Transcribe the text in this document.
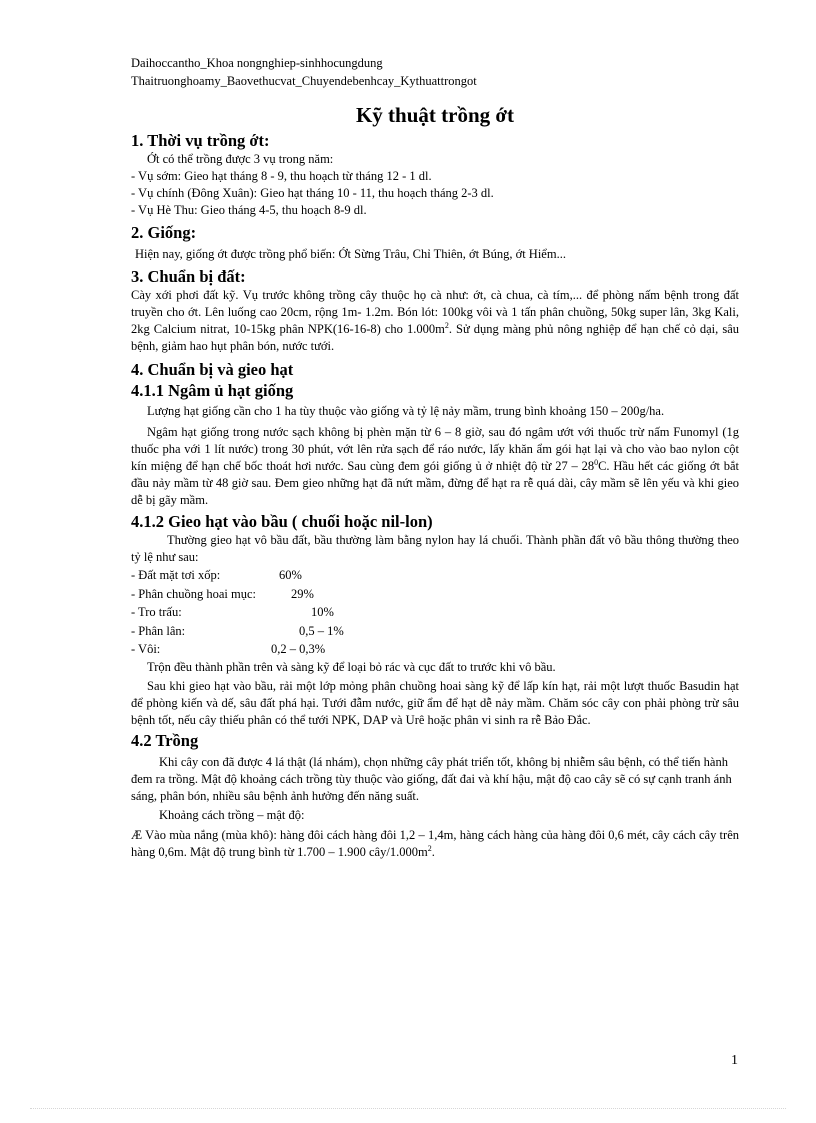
Daihoccantho_Khoa nongnghiep-sinhhocungdung
Thaitruonghoamy_Baovethucvat_Chuyendebenhcay_Kythuattrongot
Kỹ thuật trồng ớt
1. Thời vụ trồng ớt:

Ớt có thể trồng được 3 vụ trong năm:

- Vụ sớm: Gieo hạt tháng 8 - 9, thu hoạch từ tháng 12 - 1 dl.

- Vụ chính (Đông Xuân): Gieo hạt tháng 10 - 11, thu hoạch tháng 2-3 dl.

- Vụ Hè Thu: Gieo tháng 4-5, thu hoạch 8-9 dl.

2. Giống:

Hiện nay, giống ớt được trồng phổ biến: Ớt Sừng Trâu, Chỉ Thiên, ớt Búng, ớt Hiểm...

3. Chuẩn bị đất:

Cày xới phơi đất kỹ. Vụ trước không trồng cây thuộc họ cà như: ớt, cà chua, cà tím,... để phòng nấm bệnh trong đất truyền cho ớt. Lên luống cao 20cm, rộng 1m- 1.2m. Bón lót: 100kg vôi và 1 tấn phân chuồng, 50kg super lân, 3kg Kali, 2kg Calcium nitrat, 10-15kg phân NPK(16-16-8) cho $1.000m^2$. Sử dụng màng phủ nông nghiệp để hạn chế cỏ dại, sâu bệnh, giảm hao hụt phân bón, nước tưới.

4. Chuẩn bị và gieo hạt
4.1.1 Ngâm ủ hạt giống

Lượng hạt giống cần cho 1 ha tùy thuộc vào giống và tỷ lệ nảy mầm, trung bình khoảng 150 – 200g/ha.

Ngâm hạt giống trong nước sạch không bị phèn mặn từ 6 – 8 giờ, sau đó ngâm ướt với thuốc trừ nấm Funomyl (1g thuốc pha với 1 lít nước) trong 30 phút, vớt lên rửa sạch để ráo nước, lấy khăn ẩm gói hạt lại và cho vào bao nylon cột kín miệng để hạn chế bốc thoát hơi nước. Sau cùng đem gói giống ủ ở nhiệt độ từ $27 - 28^0C$. Hầu hết các giống ớt bắt đầu nảy mầm từ 48 giờ sau. Đem gieo những hạt đã nứt mầm, đừng để hạt ra rễ quá dài, cây mầm sẽ lên yếu và khi gieo dễ bị gãy mầm.

4.1.2 Gieo hạt vào bầu ( chuối hoặc nil-lon)

Thường gieo hạt vô bầu đất, bầu thường làm bằng nylon hay lá chuối. Thành phần đất vô bầu thông thường theo tỷ lệ như sau:

- Đất mặt tơi xốp:	60%
- Phân chuồng hoai mục:	29%
- Tro trấu:	10%
- Phân lân:	0,5 – 1%
- Vôi:	0,2 – 0,3%

Trộn đều thành phần trên và sàng kỹ để loại bỏ rác và cục đất to trước khi vô bầu.

Sau khi gieo hạt vào bầu, rải một lớp mỏng phân chuồng hoai sàng kỹ để lấp kín hạt, rải một lượt thuốc Basudin hạt để phòng kiến và dế, sâu đất phá hại. Tưới đẫm nước, giữ ẩm để hạt dễ nảy mầm. Chăm sóc cây con phải phòng trừ sâu bệnh tốt, nếu cây thiếu phân có thể tưới NPK, DAP và Urê hoặc phân vi sinh ra rễ Bảo Đắc.

4.2 Trồng

Khi cây con đã được 4 lá thật (lá nhám), chọn những cây phát triển tốt, không bị nhiễm sâu bệnh, có thể tiến hành đem ra trồng. Mật độ khoảng cách trồng tùy thuộc vào giống, đất đai và khí hậu, mật độ cao cây sẽ có sự cạnh tranh ánh sáng, phân bón, nhiều sâu bệnh ảnh hưởng đến năng suất.

Khoảng cách trồng – mật độ:

Æ Vào mùa nắng (mùa khô): hàng đôi cách hàng đôi 1,2 – 1,4m, hàng cách hàng của hàng đôi 0,6 mét, cây cách cây trên hàng 0,6m. Mật độ trung bình từ 1.700 – 1.900 cây/$1.000m^2$.

1
